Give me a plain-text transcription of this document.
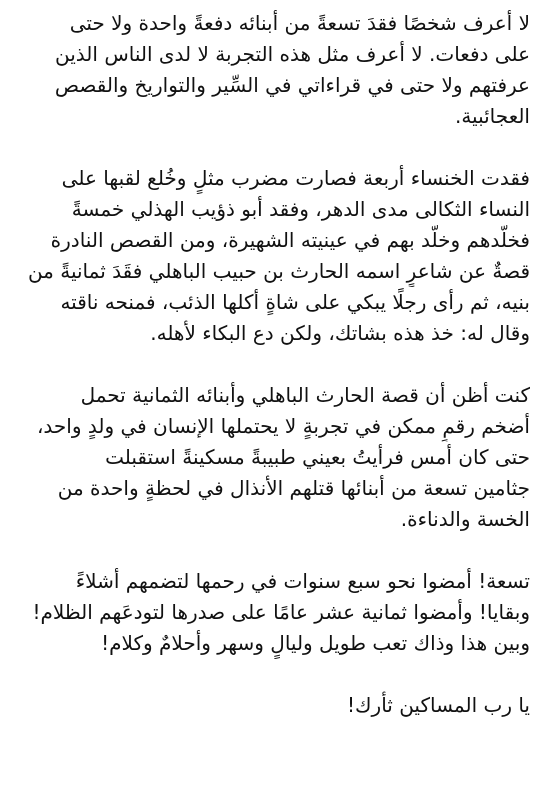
لا أعرف شخصًا فقدَ تسعةً من أبنائه دفعةً واحدة ولا حتى
على دفعات. لا أعرف مثل هذه التجربة لا لدى الناس الذين
عرفتهم ولا حتى في قراءاتي في السِّير والتواريخ والقصص
العجائبية.
فقدت الخنساء أربعة فصارت مضرب مثلٍ وخُلع لقبها على
النساء الثكالى مدى الدهر، وفقد أبو ذؤيب الهذلي خمسةً
فخلّدهم وخلَّد بهم في عينيته الشهيرة، ومن القصص النادرة
قصةٌ عن شاعرٍ اسمه الحارث بن حبيب الباهلي فقَدَ ثمانيةً من
بنيه، ثم رأى رجلًا يبكي على شاةٍ أكلها الذئب، فمنحه ناقته
وقال له: خذ هذه بشاتك، ولكن دع البكاء لأهله.
كنت أظن أن قصة الحارث الباهلي وأبنائه الثمانية تحمل
أضخم رقمٍ ممكن في تجربةٍ لا يحتملها الإنسان في ولدٍ واحد،
حتى كان أمس فرأيتُ بعيني طبيبةً مسكينةً استقبلت
جثامين تسعة من أبنائها قتلهم الأنذال في لحظةٍ واحدة من
الخسة والدناءة.
تسعة! أمضوا نحو سبع سنوات في رحمها لتضمهم أشلاءً
وبقايا! وأمضوا ثمانية عشر عامًا على صدرها لتودعَهم الظلام!
وبين هذا وذاك تعب طويل وليالٍ وسهر وأحلامٌ وكلام!
يا رب المساكين ثأرك!
